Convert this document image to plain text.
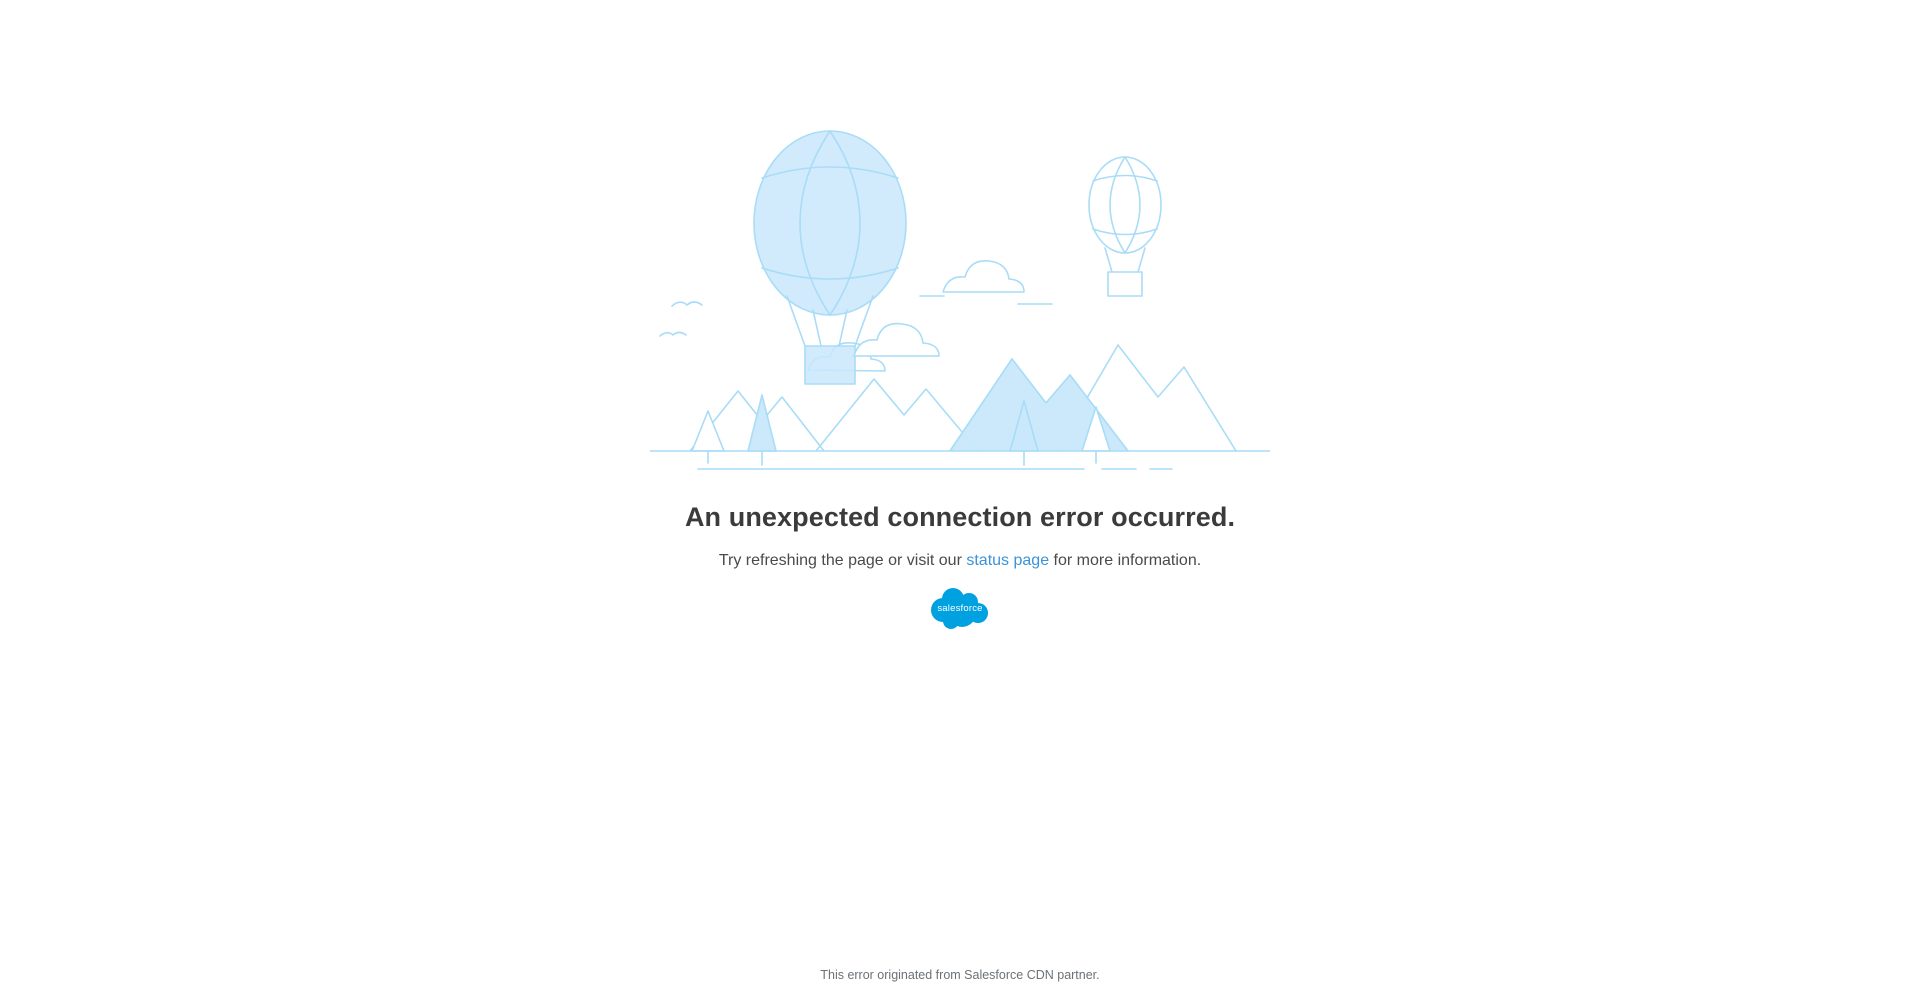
An unexpected connection error occurred.
Try refreshing the page or visit our status page for more information.
salesforce
This error originated from Salesforce CDN partner.
